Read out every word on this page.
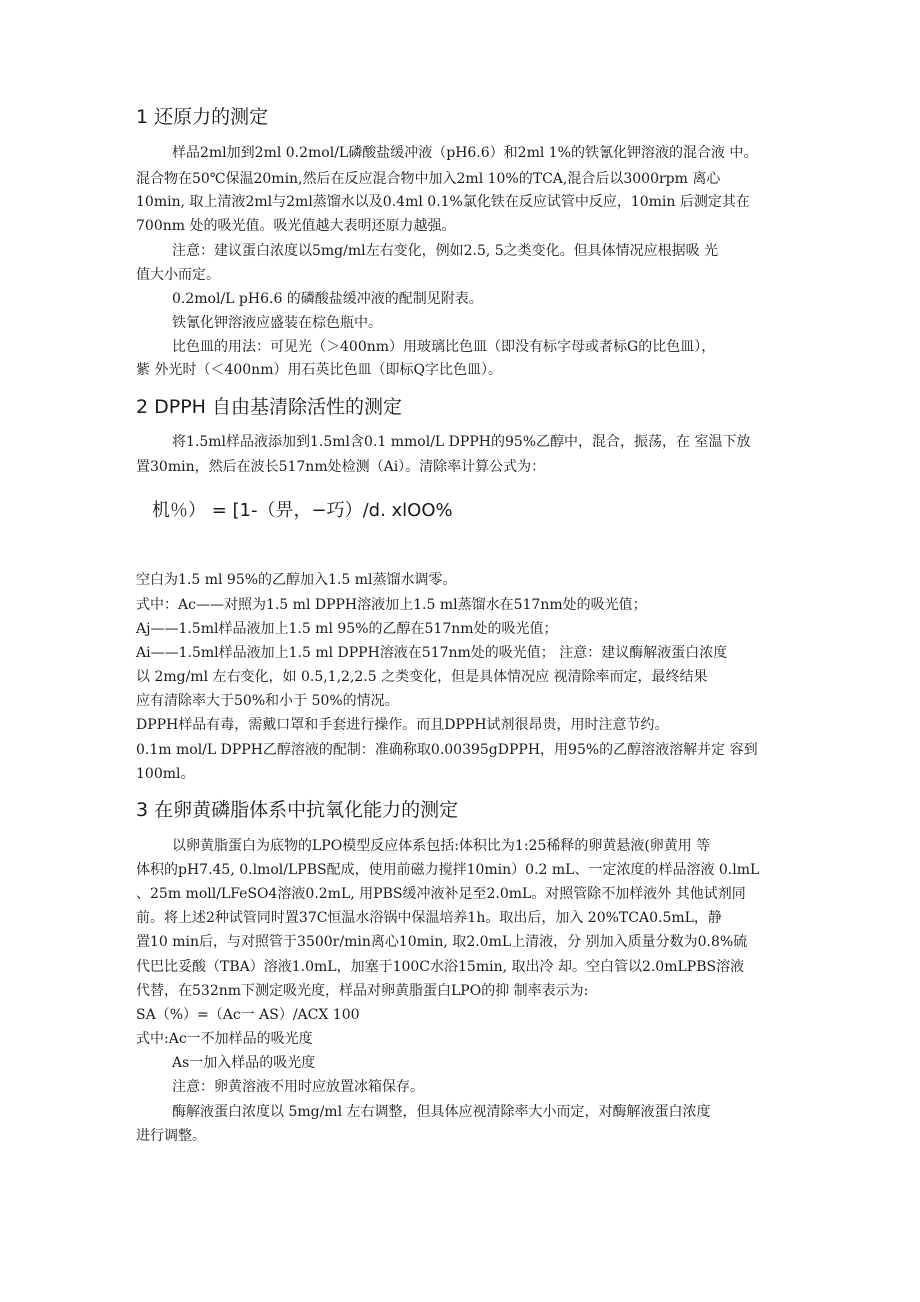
1 还原力的测定
样品2ml加到2ml 0.2mol/L磷酸盐缓冲液（pH6.6）和2ml 1%的铁氰化钾溶液的混合液 中。
混合物在50℃保温20min,然后在反应混合物中加入2ml 10%的TCA,混合后以3000rpm 离心
10min, 取上清液2ml与2ml蒸馏水以及0.4ml 0.1%氯化铁在反应试管中反应，10min 后测定其在
700nm 处的吸光值。吸光值越大表明还原力越强。
注意：建议蛋白浓度以5mg/ml左右变化，例如2.5, 5之类变化。但具体情况应根据吸 光
值大小而定。
0.2mol/L pH6.6 的磷酸盐缓冲液的配制见附表。
铁氰化钾溶液应盛装在棕色瓶中。
比色皿的用法：可见光（＞400nm）用玻璃比色皿（即没有标字母或者标G的比色皿），
紫 外光时（＜400nm）用石英比色皿（即标Q字比色皿）。
2 DPPH 自由基清除活性的测定
将1.5ml样品液添加到1.5ml含0.1 mmol/L DPPH的95%乙醇中，混合，振荡，在 室温下放
置30min，然后在波长517nm处检测（Ai）。清除率计算公式为：
机％） = [1-（畀，−巧）/d. xlOO%
空白为1.5 ml 95%的乙醇加入1.5 ml蒸馏水调零。
式中：Ac——对照为1.5 ml DPPH溶液加上1.5 ml蒸馏水在517nm处的吸光值；
Aj——1.5ml样品液加上1.5 ml 95%的乙醇在517nm处的吸光值；
Ai——1.5ml样品液加上1.5 ml DPPH溶液在517nm处的吸光值； 注意：建议酶解液蛋白浓度
以 2mg/ml 左右变化，如 0.5,1,2,2.5 之类变化，但是具体情况应 视清除率而定，最终结果
应有清除率大于50%和小于 50%的情况。
DPPH样品有毒，需戴口罩和手套进行操作。而且DPPH试剂很昂贵，用时注意节约。
0.1m mol/L DPPH乙醇溶液的配制：准确称取0.00395gDPPH，用95%的乙醇溶液溶解并定 容到
100ml。
3 在卵黄磷脂体系中抗氧化能力的测定
以卵黄脂蛋白为底物的LPO模型反应体系包括:体积比为1:25稀释的卵黄悬液(卵黄用 等
体积的pH7.45, 0.lmol/LPBS配成，使用前磁力搅拌10min）0.2 mL、一定浓度的样品溶液 0.lmL
、25m moll/LFeSO4溶液0.2mL, 用PBS缓冲液补足至2.0mL。对照管除不加样液外 其他试剂同
前。将上述2种试管同时置37C恒温水浴锅中保温培养1h。取出后，加入 20%TCA0.5mL，静
置10 min后，与对照管于3500r/min离心10min, 取2.0mL上清液，分 别加入质量分数为0.8%硫
代巴比妥酸（TBA）溶液1.0mL，加塞于100C水浴15min, 取出冷 却。空白管以2.0mLPBS溶液
代替，在532nm下测定吸光度，样品对卵黄脂蛋白LPO的抑 制率表示为:
SA（%）=（Ac一 AS）/ACX 100
式中:Ac一不加样品的吸光度
As一加入样品的吸光度
注意：卵黄溶液不用时应放置冰箱保存。
酶解液蛋白浓度以 5mg/ml 左右调整，但具体应视清除率大小而定，对酶解液蛋白浓度
进行调整。
